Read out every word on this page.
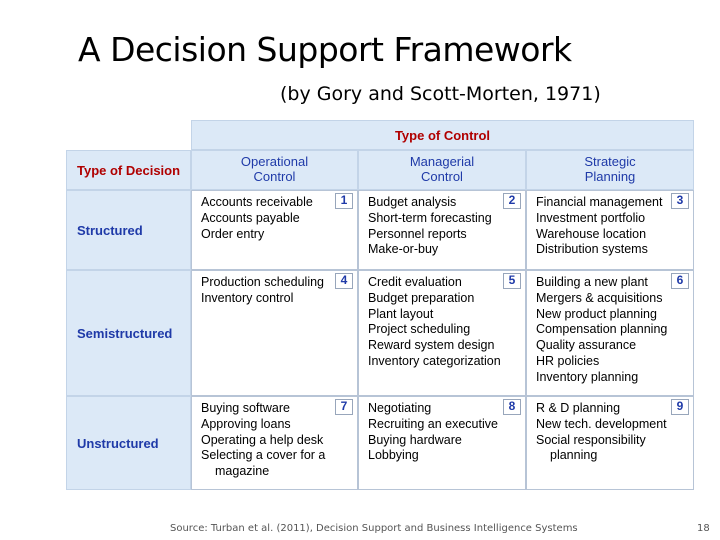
A Decision Support Framework
(by Gory and Scott-Morten, 1971)
Type of Control
Type of Decision
Operational
Control
Managerial
Control
Strategic
Planning
Structured
Semistructured
Unstructured
1
Accounts receivable
Accounts payable
Order entry
2
Budget analysis
Short-term forecasting
Personnel reports
Make-or-buy
3
Financial management
Investment portfolio
Warehouse location
Distribution systems
4
Production scheduling
Inventory control
5
Credit evaluation
Budget preparation
Plant layout
Project scheduling
Reward system design
Inventory categorization
6
Building a new plant
Mergers & acquisitions
New product planning
Compensation planning
Quality assurance
HR policies
Inventory planning
7
Buying software
Approving loans
Operating a help desk
Selecting a cover for a
magazine
8
Negotiating
Recruiting an executive
Buying hardware
Lobbying
9
R & D planning
New tech. development
Social responsibility
planning
Source: Turban et al. (2011), Decision Support and Business Intelligence Systems	18
